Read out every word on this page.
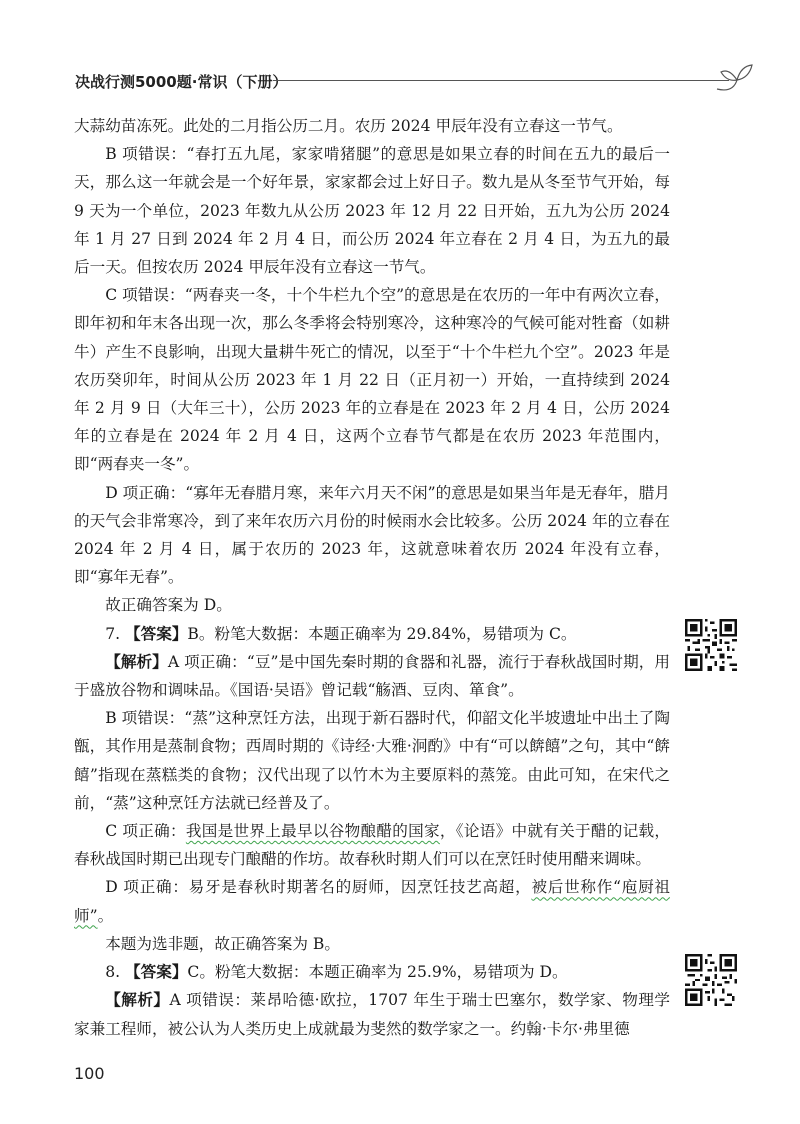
决战行测5000题·常识（下册）

大蒜幼苗冻死。此处的二月指公历二月。农历 2024 甲辰年没有立春这一节气。

B 项错误：“春打五九尾，家家啃猪腿”的意思是如果立春的时间在五九的最后一天，那么这一年就会是一个好年景，家家都会过上好日子。数九是从冬至节气开始，每 9 天为一个单位，2023 年数九从公历 2023 年 12 月 22 日开始，五九为公历 2024 年 1 月 27 日到 2024 年 2 月 4 日，而公历 2024 年立春在 2 月 4 日，为五九的最后一天。但按农历 2024 甲辰年没有立春这一节气。

C 项错误：“两春夹一冬，十个牛栏九个空”的意思是在农历的一年中有两次立春，即年初和年末各出现一次，那么冬季将会特别寒冷，这种寒冷的气候可能对牲畜（如耕牛）产生不良影响，出现大量耕牛死亡的情况，以至于“十个牛栏九个空”。2023 年是农历癸卯年，时间从公历 2023 年 1 月 22 日（正月初一）开始，一直持续到 2024 年 2 月 9 日（大年三十），公历 2023 年的立春是在 2023 年 2 月 4 日，公历 2024 年的立春是在 2024 年 2 月 4 日，这两个立春节气都是在农历 2023 年范围内，即“两春夹一冬”。

D 项正确：“寡年无春腊月寒，来年六月天不闲”的意思是如果当年是无春年，腊月的天气会非常寒冷，到了来年农历六月份的时候雨水会比较多。公历 2024 年的立春在 2024 年 2 月 4 日，属于农历的 2023 年，这就意味着农历 2024 年没有立春，即“寡年无春”。

故正确答案为 D。

7. 【答案】B。粉笔大数据：本题正确率为 29.84%，易错项为 C。

【解析】A 项正确：“豆”是中国先秦时期的食器和礼器，流行于春秋战国时期，用于盛放谷物和调味品。《国语·吴语》曾记载“觞酒、豆肉、箪食”。

B 项错误：“蒸”这种烹饪方法，出现于新石器时代，仰韶文化半坡遗址中出土了陶甑，其作用是蒸制食物；西周时期的《诗经·大雅·泂酌》中有“可以餴饎”之句，其中“餴饎”指现在蒸糕类的食物；汉代出现了以竹木为主要原料的蒸笼。由此可知，在宋代之前，“蒸”这种烹饪方法就已经普及了。

C 项正确：我国是世界上最早以谷物酿醋的国家，《论语》中就有关于醋的记载，春秋战国时期已出现专门酿醋的作坊。故春秋时期人们可以在烹饪时使用醋来调味。

D 项正确：易牙是春秋时期著名的厨师，因烹饪技艺高超，被后世称作“庖厨祖师”。

本题为选非题，故正确答案为 B。

8. 【答案】C。粉笔大数据：本题正确率为 25.9%，易错项为 D。

【解析】A 项错误：莱昂哈德·欧拉，1707 年生于瑞士巴塞尔，数学家、物理学家兼工程师，被公认为人类历史上成就最为斐然的数学家之一。约翰·卡尔·弗里德

100
